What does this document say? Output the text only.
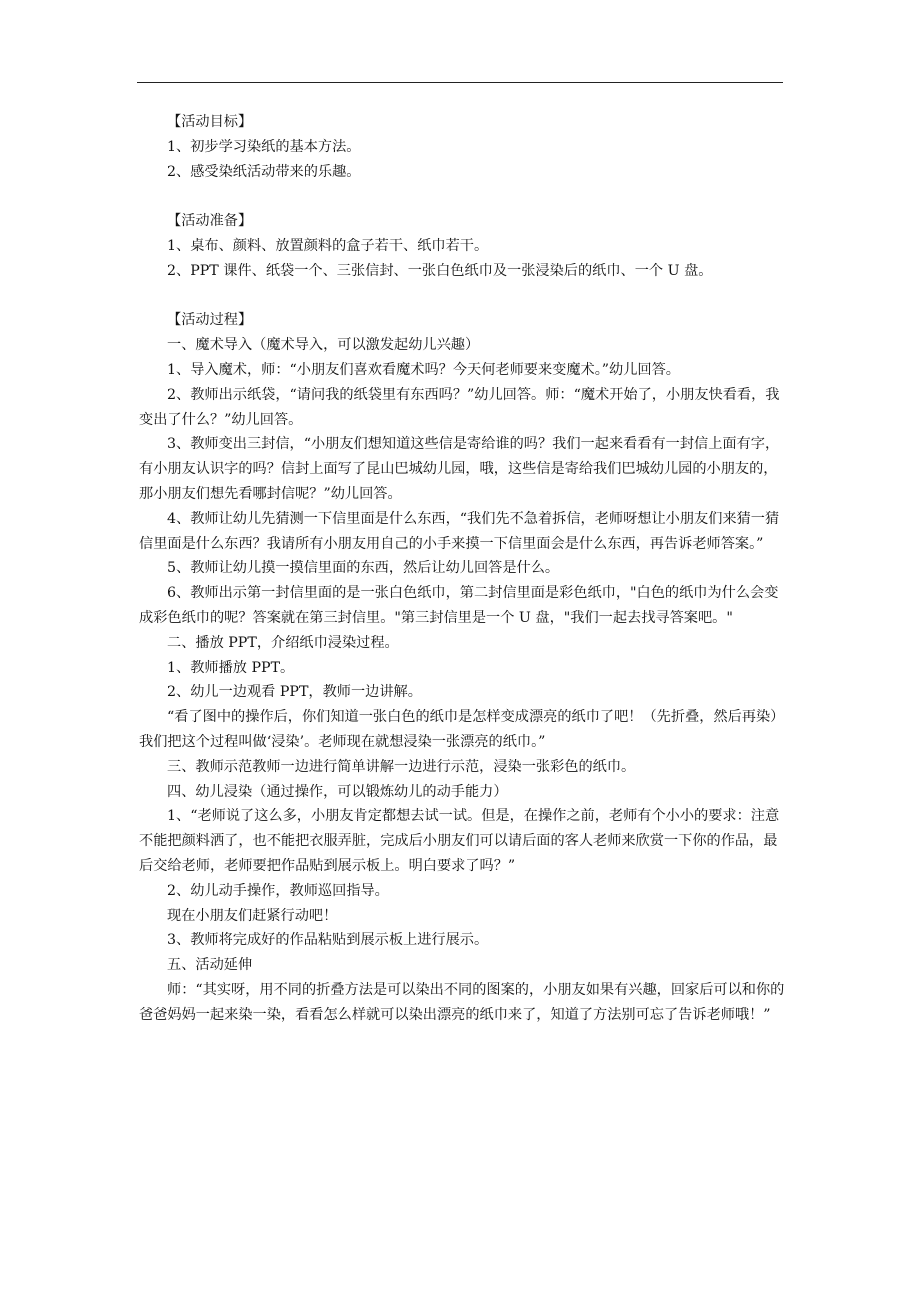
【活动目标】

1、初步学习染纸的基本方法。

2、感受染纸活动带来的乐趣。

【活动准备】

1、桌布、颜料、放置颜料的盒子若干、纸巾若干。

2、PPT 课件、纸袋一个、三张信封、一张白色纸巾及一张浸染后的纸巾、一个 U 盘。

【活动过程】

一、魔术导入（魔术导入，可以激发起幼儿兴趣）

1、导入魔术，师：“小朋友们喜欢看魔术吗？今天何老师要来变魔术。”幼儿回答。

2、教师出示纸袋，“请问我的纸袋里有东西吗？”幼儿回答。师：“魔术开始了，小朋友快看看，我变出了什么？”幼儿回答。

3、教师变出三封信，“小朋友们想知道这些信是寄给谁的吗？我们一起来看看有一封信上面有字，　有小朋友认识字的吗？信封上面写了昆山巴城幼儿园，哦，这些信是寄给我们巴城幼儿园的小朋友的，那小朋友们想先看哪封信呢？”幼儿回答。

4、教师让幼儿先猜测一下信里面是什么东西，“我们先不急着拆信，老师呀想让小朋友们来猜一猜信里面是什么东西？我请所有小朋友用自己的小手来摸一下信里面会是什么东西，再告诉老师答案。”

5、教师让幼儿摸一摸信里面的东西，然后让幼儿回答是什么。

6、教师出示第一封信里面的是一张白色纸巾，第二封信里面是彩色纸巾，"白色的纸巾为什么会变成彩色纸巾的呢？答案就在第三封信里。"第三封信里是一个 U 盘，"我们一起去找寻答案吧。"

二、播放 PPT，介绍纸巾浸染过程。

1、教师播放 PPT。

2、幼儿一边观看 PPT，教师一边讲解。

“看了图中的操作后，你们知道一张白色的纸巾是怎样变成漂亮的纸巾了吧！（先折叠，然后再染）我们把这个过程叫做‘浸染’。老师现在就想浸染一张漂亮的纸巾。”

三、教师示范教师一边进行简单讲解一边进行示范，浸染一张彩色的纸巾。

四、幼儿浸染（通过操作，可以锻炼幼儿的动手能力）

1、“老师说了这么多，小朋友肯定都想去试一试。但是，在操作之前，老师有个小小的要求：注意不能把颜料洒了，也不能把衣服弄脏，完成后小朋友们可以请后面的客人老师来欣赏一下你的作品，最后交给老师，老师要把作品贴到展示板上。明白要求了吗？”

2、幼儿动手操作，教师巡回指导。

现在小朋友们赶紧行动吧！

3、教师将完成好的作品粘贴到展示板上进行展示。

五、活动延伸

师：“其实呀，用不同的折叠方法是可以染出不同的图案的，小朋友如果有兴趣，回家后可以和你的爸爸妈妈一起来染一染，看看怎么样就可以染出漂亮的纸巾来了，知道了方法别可忘了告诉老师哦！”
